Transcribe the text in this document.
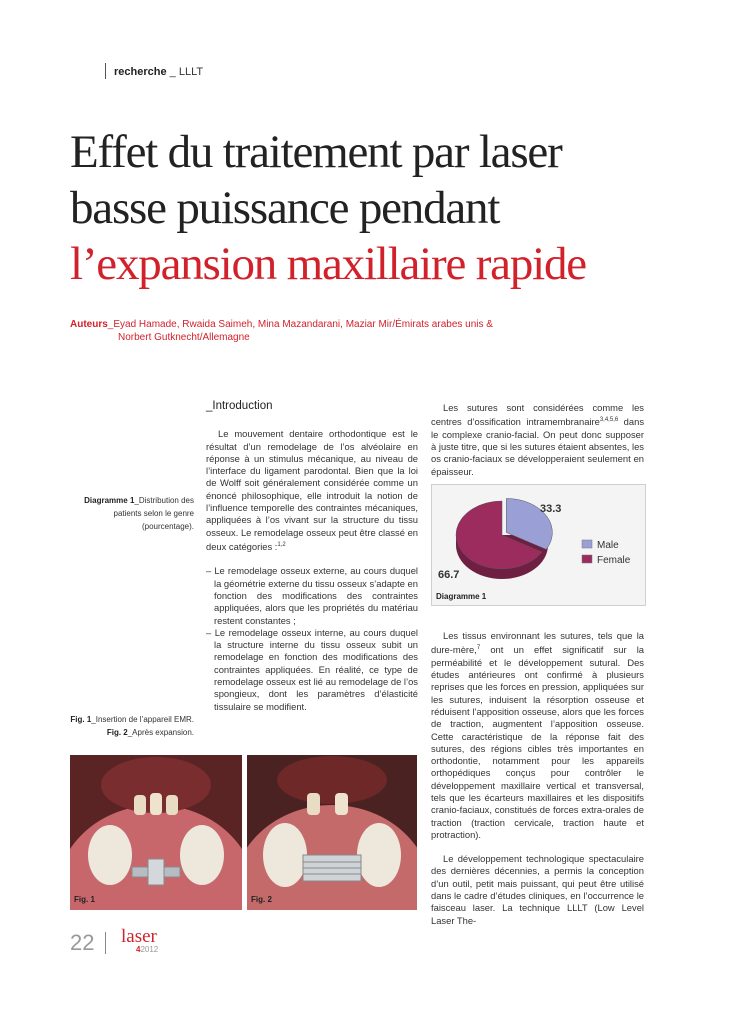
recherche _ LLLT
Effet du traitement par laser
basse puissance pendant
l’expansion maxillaire rapide
Auteurs_Eyad Hamade, Rwaida Saimeh, Mina Mazandarani, Maziar Mir/Émirats arabes unis &
Norbert Gutknecht/Allemagne
Diagramme 1_Distribution des patients selon le genre (pourcentage).
Fig. 1_Insertion de l’appareil EMR.
Fig. 2_Après expansion.
_Introduction

Le mouvement dentaire orthodontique est le résultat d’un remodelage de l’os alvéolaire en réponse à un stimulus mécanique, au niveau de l’interface du ligament parodontal. Bien que la loi de Wolff soit généralement considérée comme un énoncé philosophique, elle introduit la notion de l’influence temporelle des contraintes mécaniques, appliquées à l’os vivant sur la structure du tissu osseux. Le remodelage osseux peut être classé en deux catégories :$^{1,2}$

– Le remodelage osseux externe, au cours duquel la géométrie externe du tissu osseux s’adapte en fonction des modifications des contraintes appliquées, alors que les propriétés du matériau restent constantes ;
– Le remodelage osseux interne, au cours duquel la structure interne du tissu osseux subit un remodelage en fonction des modifications des contraintes appliquées. En réalité, ce type de remodelage osseux est lié au remodelage de l’os spongieux, dont les paramètres d’élasticité tissulaire se modifient.

Les sutures sont considérées comme les centres d’ossification intramembranaire$^{3,4,5,6}$ dans le complexe cranio-facial. On peut donc supposer à juste titre, que si les sutures étaient absentes, les os cranio-faciaux se développeraient seulement en épaisseur.

33.3
66.7
Male
Female
Diagramme 1

Les tissus environnant les sutures, tels que la dure-mère,$^7$ ont un effet significatif sur la perméabilité et le développement sutural. Des études antérieures ont confirmé à plusieurs reprises que les forces en pression, appliquées sur les sutures, induisent la résorption osseuse et réduisent l’apposition osseuse, alors que les forces de traction, augmentent l’apposition osseuse. Cette caractéristique de la réponse fait des sutures, des régions cibles très importantes en orthodontie, notamment pour les appareils orthopédiques conçus pour contrôler le développement maxillaire vertical et transversal, tels que les écarteurs maxillaires et les dispositifs cranio-faciaux, constitués de forces extra-orales de traction (traction cervicale, traction haute et protraction).

Le développement technologique spectaculaire des dernières décennies, a permis la conception d’un outil, petit mais puissant, qui peut être utilisé dans le cadre d’études cliniques, en l’occurrence le faisceau laser. La technique LLLT (Low Level Laser The-

Fig. 1	Fig. 2
22 laser
42012
